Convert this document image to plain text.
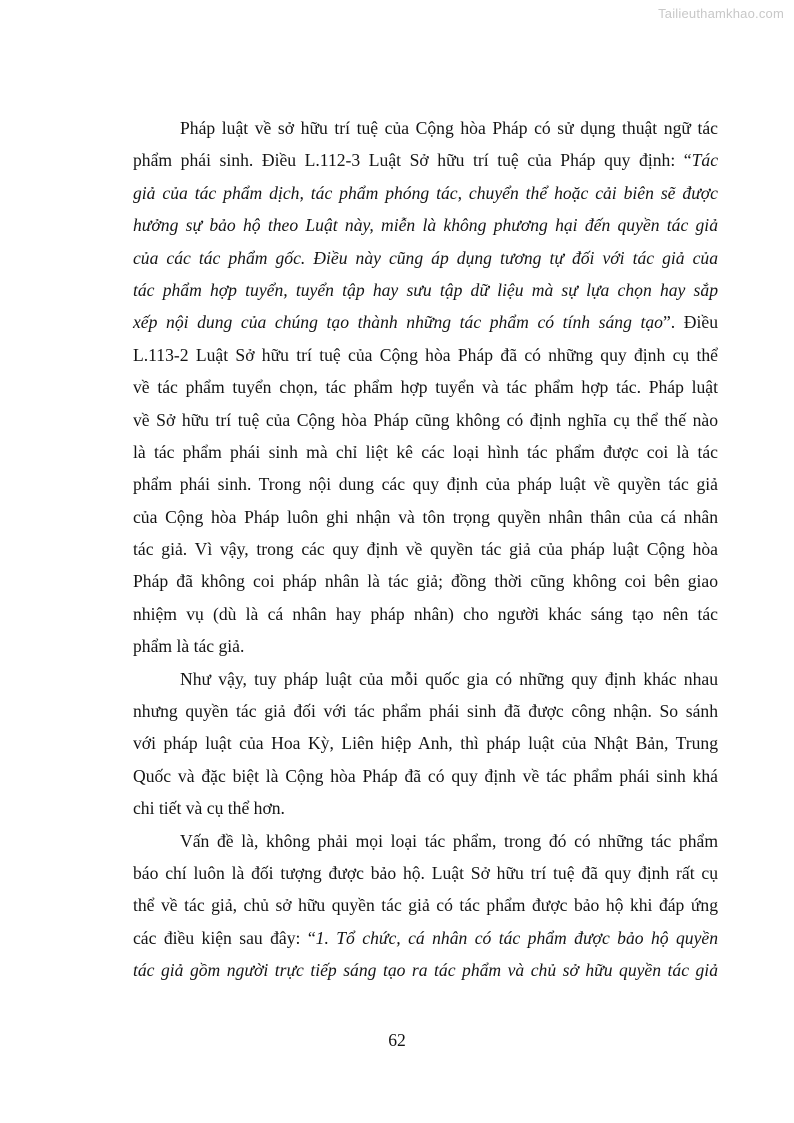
Tailieuthamkhao.com
Pháp luật về sở hữu trí tuệ của Cộng hòa Pháp có sử dụng thuật ngữ tác
phẩm phái sinh. Điều L.112-3 Luật Sở hữu trí tuệ của Pháp quy định: “Tác
giả của tác phẩm dịch, tác phẩm phóng tác, chuyển thể hoặc cải biên sẽ được
hưởng sự bảo hộ theo Luật này, miễn là không phương hại đến quyền tác giả
của các tác phẩm gốc. Điều này cũng áp dụng tương tự đối với tác giả của
tác phẩm hợp tuyển, tuyển tập hay sưu tập dữ liệu mà sự lựa chọn hay sắp
xếp nội dung của chúng tạo thành những tác phẩm có tính sáng tạo”. Điều
L.113-2 Luật Sở hữu trí tuệ của Cộng hòa Pháp đã có những quy định cụ thể
về tác phẩm tuyển chọn, tác phẩm hợp tuyển và tác phẩm hợp tác. Pháp luật
về Sở hữu trí tuệ của Cộng hòa Pháp cũng không có định nghĩa cụ thể thế nào
là tác phẩm phái sinh mà chỉ liệt kê các loại hình tác phẩm được coi là tác
phẩm phái sinh. Trong nội dung các quy định của pháp luật về quyền tác giả
của Cộng hòa Pháp luôn ghi nhận và tôn trọng quyền nhân thân của cá nhân
tác giả. Vì vậy, trong các quy định về quyền tác giả của pháp luật Cộng hòa
Pháp đã không coi pháp nhân là tác giả; đồng thời cũng không coi bên giao
nhiệm vụ (dù là cá nhân hay pháp nhân) cho người khác sáng tạo nên tác
phẩm là tác giả.
Như vậy, tuy pháp luật của mỗi quốc gia có những quy định khác nhau
nhưng quyền tác giả đối với tác phẩm phái sinh đã được công nhận. So sánh
với pháp luật của Hoa Kỳ, Liên hiệp Anh, thì pháp luật của Nhật Bản, Trung
Quốc và đặc biệt là Cộng hòa Pháp đã có quy định về tác phẩm phái sinh khá
chi tiết và cụ thể hơn.
Vấn đề là, không phải mọi loại tác phẩm, trong đó có những tác phẩm
báo chí luôn là đối tượng được bảo hộ. Luật Sở hữu trí tuệ đã quy định rất cụ
thể về tác giả, chủ sở hữu quyền tác giả có tác phẩm được bảo hộ khi đáp ứng
các điều kiện sau đây: “1. Tổ chức, cá nhân có tác phẩm được bảo hộ quyền
tác giả gồm người trực tiếp sáng tạo ra tác phẩm và chủ sở hữu quyền tác giả
62
